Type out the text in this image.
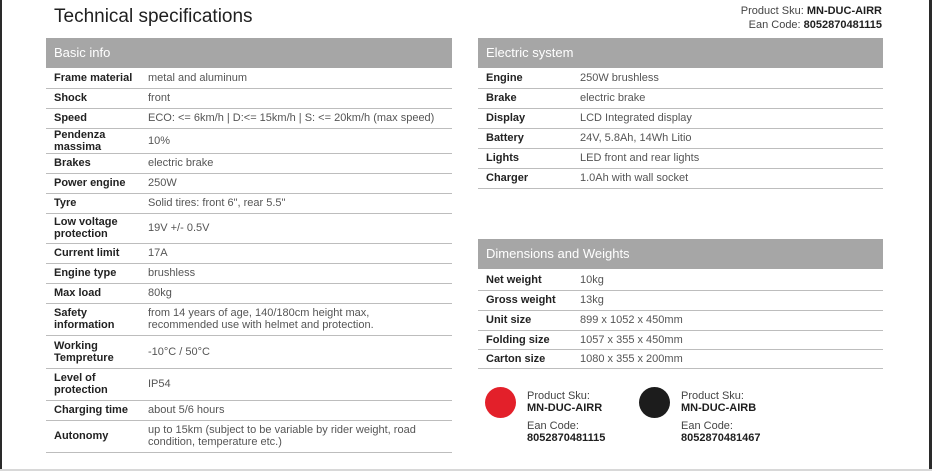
Technical specifications	Product Sku: MN-DUC-AIRR
Ean Code: 8052870481115
Basic info
Frame material	metal and aluminum
Shock	front
Speed	ECO: <= 6km/h | D:<= 15km/h | S: <= 20km/h (max speed)
Pendenza massima	10%
Brakes	electric brake
Power engine	250W
Tyre	Solid tires: front 6", rear 5.5"
Low voltage protection	19V +/- 0.5V
Current limit	17A
Engine type	brushless
Max load	80kg
Safety information	from 14 years of age, 140/180cm height max,
recommended use with helmet and protection.

Working Tempreture	-10°C / 50°C
Level of protection	IP54
Charging time	about 5/6 hours
Autonomy	up to 15km (subject to be variable by rider weight, road
condition, temperature etc.)
Electric system
Engine	250W brushless
Brake	electric brake
Display	LCD Integrated display
Battery	24V, 5.8Ah, 14Wh Litio
Lights	LED front and rear lights
Charger	1.0Ah with wall socket
Dimensions and Weights
Net weight	10kg
Gross weight	13kg
Unit size	899 x 1052 x 450mm
Folding size	1057 x 355 x 450mm
Carton size	1080 x 355 x 200mm
Product Sku:
MN-DUC-AIRR
Ean Code:
8052870481115
Product Sku:
MN-DUC-AIRB
Ean Code:
8052870481467
